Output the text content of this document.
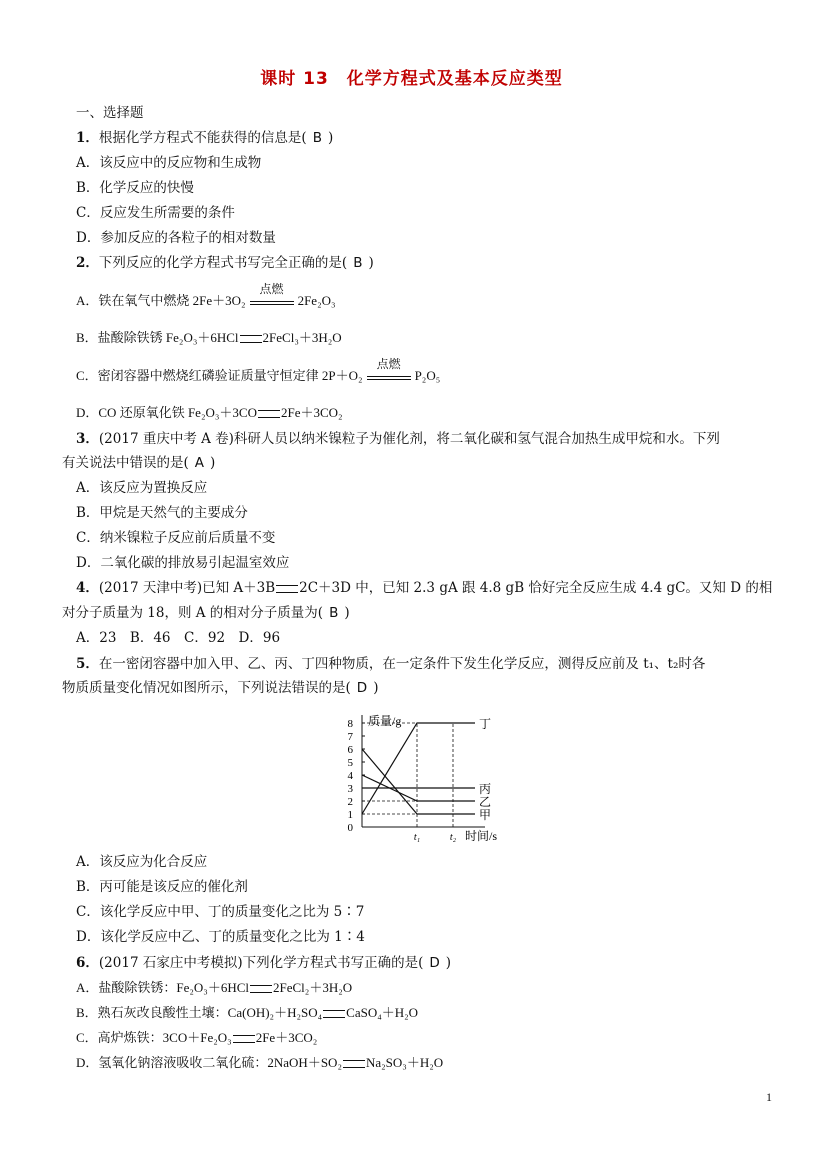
课时 13　化学方程式及基本反应类型
一、选择题
1．根据化学方程式不能获得的信息是( B )
A．该反应中的反应物和生成物
B．化学反应的快慢
C．反应发生所需要的条件
D．参加反应的各粒子的相对数量
2．下列反应的化学方程式书写完全正确的是( B )
A．铁在氧气中燃烧 2Fe＋3O₂
点燃
2Fe₂O₃
B．盐酸除铁锈 Fe₂O₃＋6HCl 2FeCl₃＋3H₂O
C．密闭容器中燃烧红磷验证质量守恒定律 2P＋O₂
点燃
P₂O₅
D．CO 还原氧化铁 Fe₂O₃＋3CO 2Fe＋3CO₂
3．(2017 重庆中考 A 卷)科研人员以纳米镍粒子为催化剂，将二氧化碳和氢气混合加热生成甲烷和水。下列
有关说法中错误的是( A )
A．该反应为置换反应
B．甲烷是天然气的主要成分
C．纳米镍粒子反应前后质量不变
D．二氧化碳的排放易引起温室效应
4．(2017 天津中考)已知 A＋3B 2C＋3D 中，已知 2.3 gA 跟 4.8 gB 恰好完全反应生成 4.4 gC。又知 D 的相
对分子质量为 18，则 A 的相对分子质量为( B )
A．23　B．46　C．92　D．96
5．在一密闭容器中加入甲、乙、丙、丁四种物质，在一定条件下发生化学反应，测得反应前及 t₁、t₂时各
物质质量变化情况如图所示，下列说法错误的是( D )
0
1
2
3
4
5
6
7
8	丁
丙
乙
甲
t₁	t₂
质量/g
时间/s
A．该反应为化合反应
B．丙可能是该反应的催化剂
C．该化学反应中甲、丁的质量变化之比为 5∶7
D．该化学反应中乙、丁的质量变化之比为 1∶4
6．(2017 石家庄中考模拟)下列化学方程式书写正确的是( D )
A．盐酸除铁锈：Fe₂O₃＋6HCl 2FeCl₂＋3H₂O
B．熟石灰改良酸性土壤：Ca(OH)₂＋H₂SO₄ CaSO₄＋H₂O
C．高炉炼铁：3CO＋Fe₂O₃ 2Fe＋3CO₂
D．氢氧化钠溶液吸收二氧化硫：2NaOH＋SO₂ Na₂SO₃＋H₂O
1
